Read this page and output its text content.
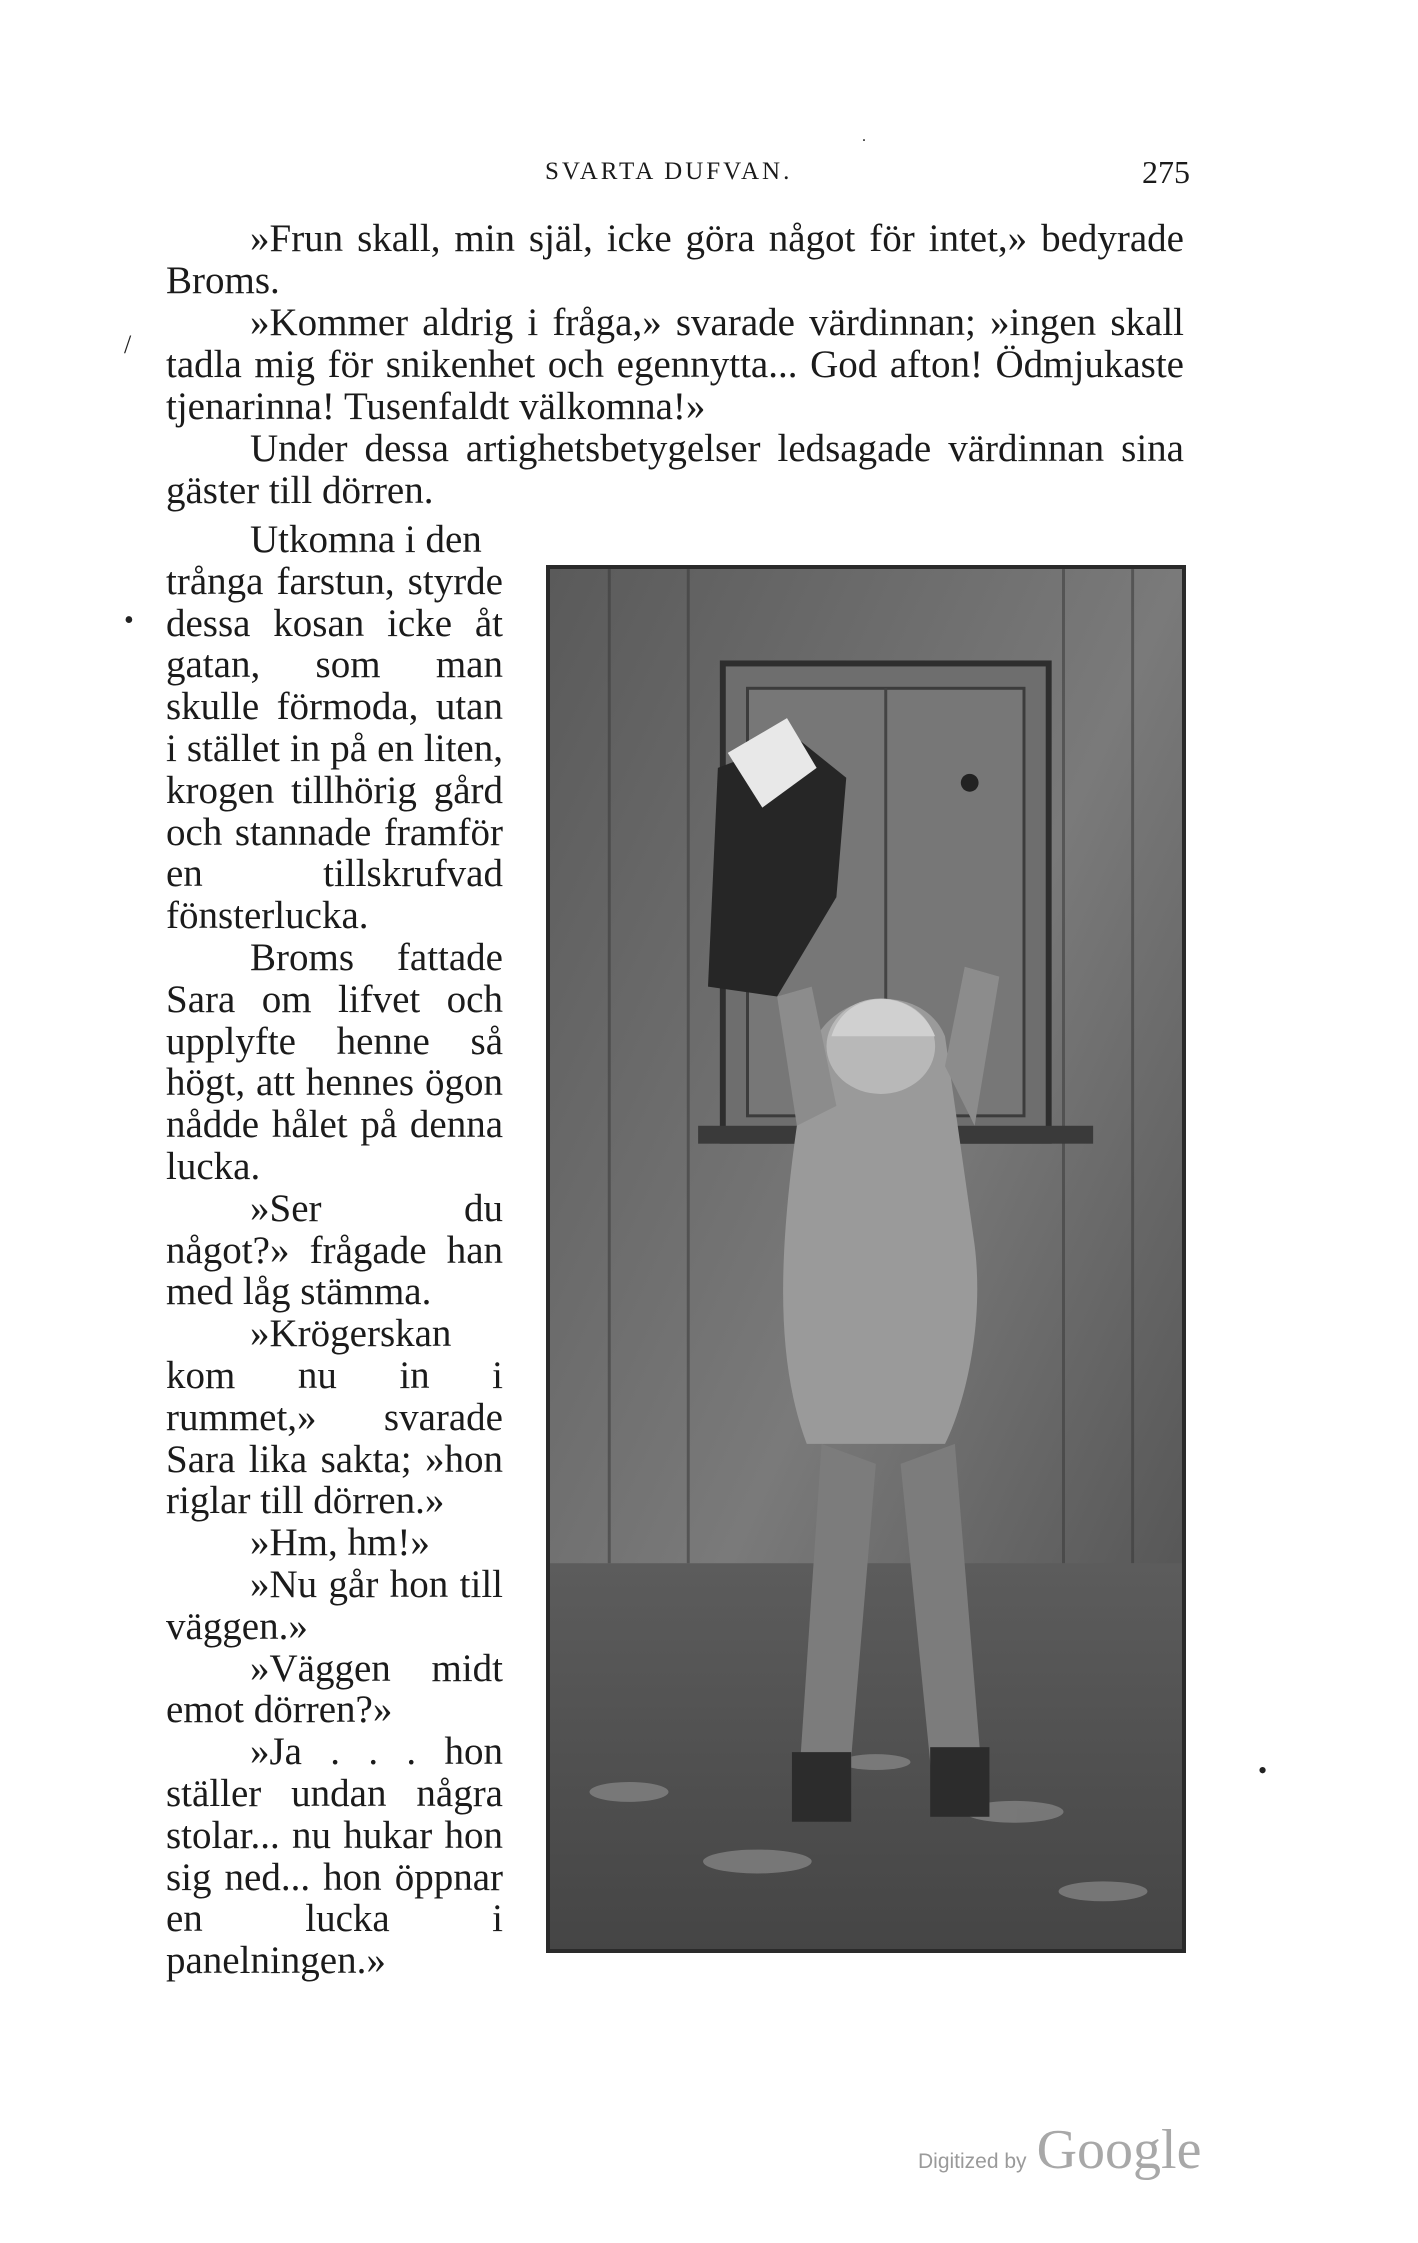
SVARTA DUFVAN.	275

»Frun skall, min själ, icke göra något för intet,» bedyrade Broms.

»Kommer aldrig i fråga,» svarade värdinnan; »ingen skall tadla mig för snikenhet och egennytta... God afton! Ödmjukaste tjenarinna! Tusenfaldt välkomna!»

Under dessa artighetsbetygelser ledsagade värdinnan sina gäster till dörren.

Utkomna i den

trånga farstun, styrde dessa kosan icke åt gatan, som man skulle förmoda, utan i stället in på en liten, krogen tillhörig gård och stannade framför en tillskrufvad fönsterlucka.

Broms fattade Sara om lifvet och upplyfte henne så högt, att hennes ögon nådde hålet på denna lucka.

»Ser du något?» frågade han med låg stämma.

»Krögerskan kom nu in i rummet,» svarade Sara lika sakta; »hon riglar till dörren.»

»Hm, hm!»

»Nu går hon till väggen.»

»Väggen midt emot dörren?»

»Ja . . . hon ställer undan några stolar... nu hukar hon sig ned... hon öppnar en lucka i panelningen.»

.
/
•
•
Digitized by Google
